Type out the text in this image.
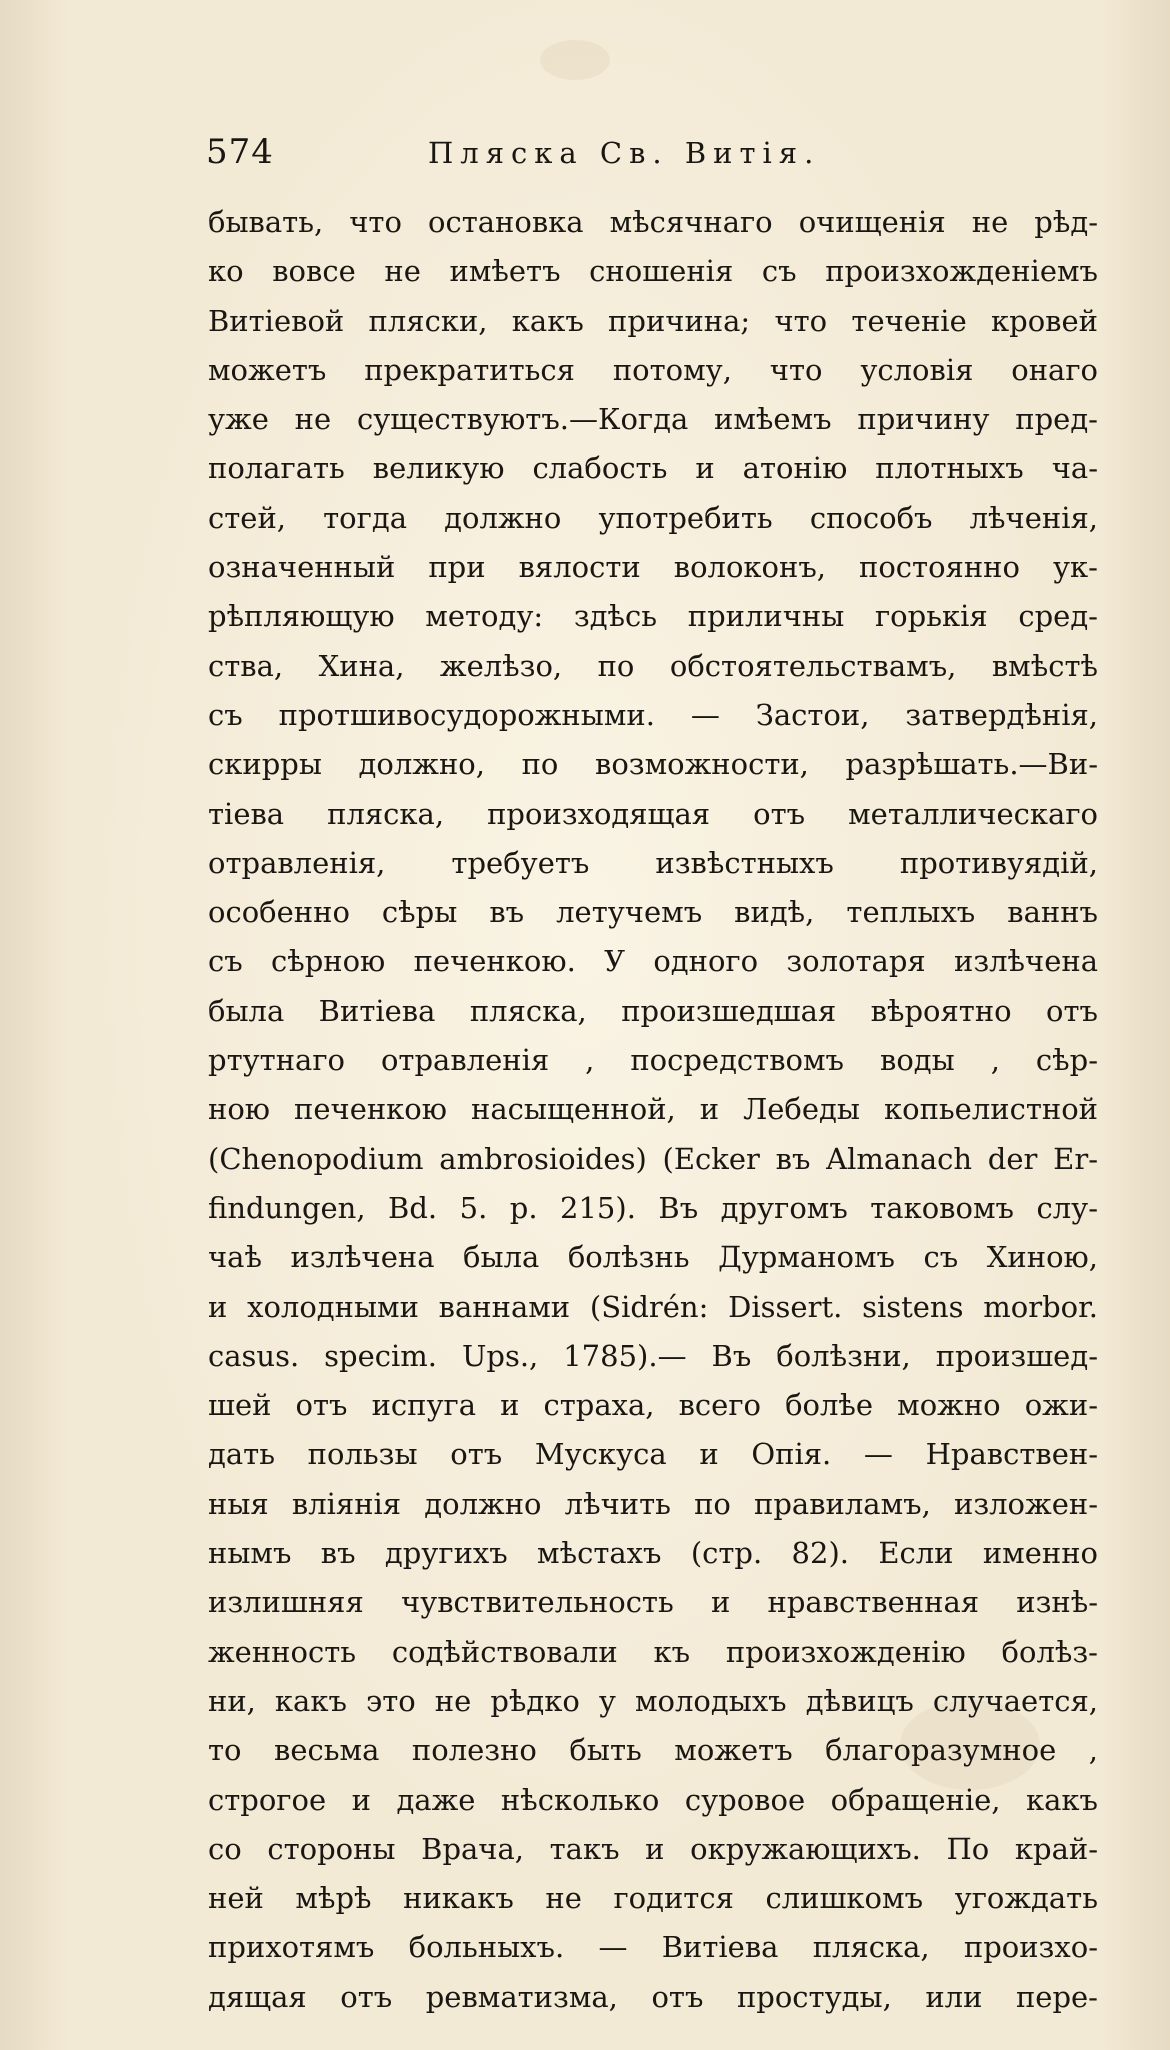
574	Пляска Св. Витія.
бывать, что остановка мѣсячнаго очищенія не рѣд-
ко вовсе не имѣетъ сношенія съ произхожденіемъ
Витіевой пляски, какъ причина; что теченіе кровей
можетъ прекратиться потому, что условія онаго
уже не существуютъ.—Когда имѣемъ причину пред-
полагать великую слабость и атонію плотныхъ ча-
стей, тогда должно употребить способъ лѣченія,
означенный при вялости волоконъ, постоянно ук-
рѣпляющую методу: здѣсь приличны горькія сред-
ства, Хина, желѣзо, по обстоятельствамъ, вмѣстѣ
съ протшивосудорожными. — Застои, затвердѣнія,
скирры должно, по возможности, разрѣшать.—Ви-
тіева пляска, произходящая отъ металлическаго
отравленія, требуетъ извѣстныхъ противуядій,
особенно сѣры въ летучемъ видѣ, теплыхъ ваннъ
съ сѣрною печенкою. У одного золотаря излѣчена
была Витіева пляска, произшедшая вѣроятно отъ
ртутнаго отравленія , посредствомъ воды , сѣр-
ною печенкою насыщенной, и Лебеды копьелистной
(Chenopodium ambrosioides) (Ecker въ Almanach der Er-
findungen, Bd. 5. p. 215). Въ другомъ таковомъ слу-
чаѣ излѣчена была болѣзнь Дурманомъ съ Хиною,
и холодными ваннами (Sidrén: Dissert. sistens morbor.
casus. specim. Ups., 1785).— Въ болѣзни, произшед-
шей отъ испуга и страха, всего болѣе можно ожи-
дать пользы отъ Мускуса и Опія. — Нравствен-
ныя вліянія должно лѣчить по правиламъ, изложен-
нымъ въ другихъ мѣстахъ (стр. 82). Если именно
излишняя чувствительность и нравственная изнѣ-
женность содѣйствовали къ произхожденію болѣз-
ни, какъ это не рѣдко у молодыхъ дѣвицъ случается,
то весьма полезно быть можетъ благоразумное ,
строгое и даже нѣсколько суровое обращеніе, какъ
со стороны Врача, такъ и окружающихъ. По край-
ней мѣрѣ никакъ не годится слишкомъ угождать
прихотямъ больныхъ. — Витіева пляска, произхо-
дящая отъ ревматизма, отъ простуды, или пере-
